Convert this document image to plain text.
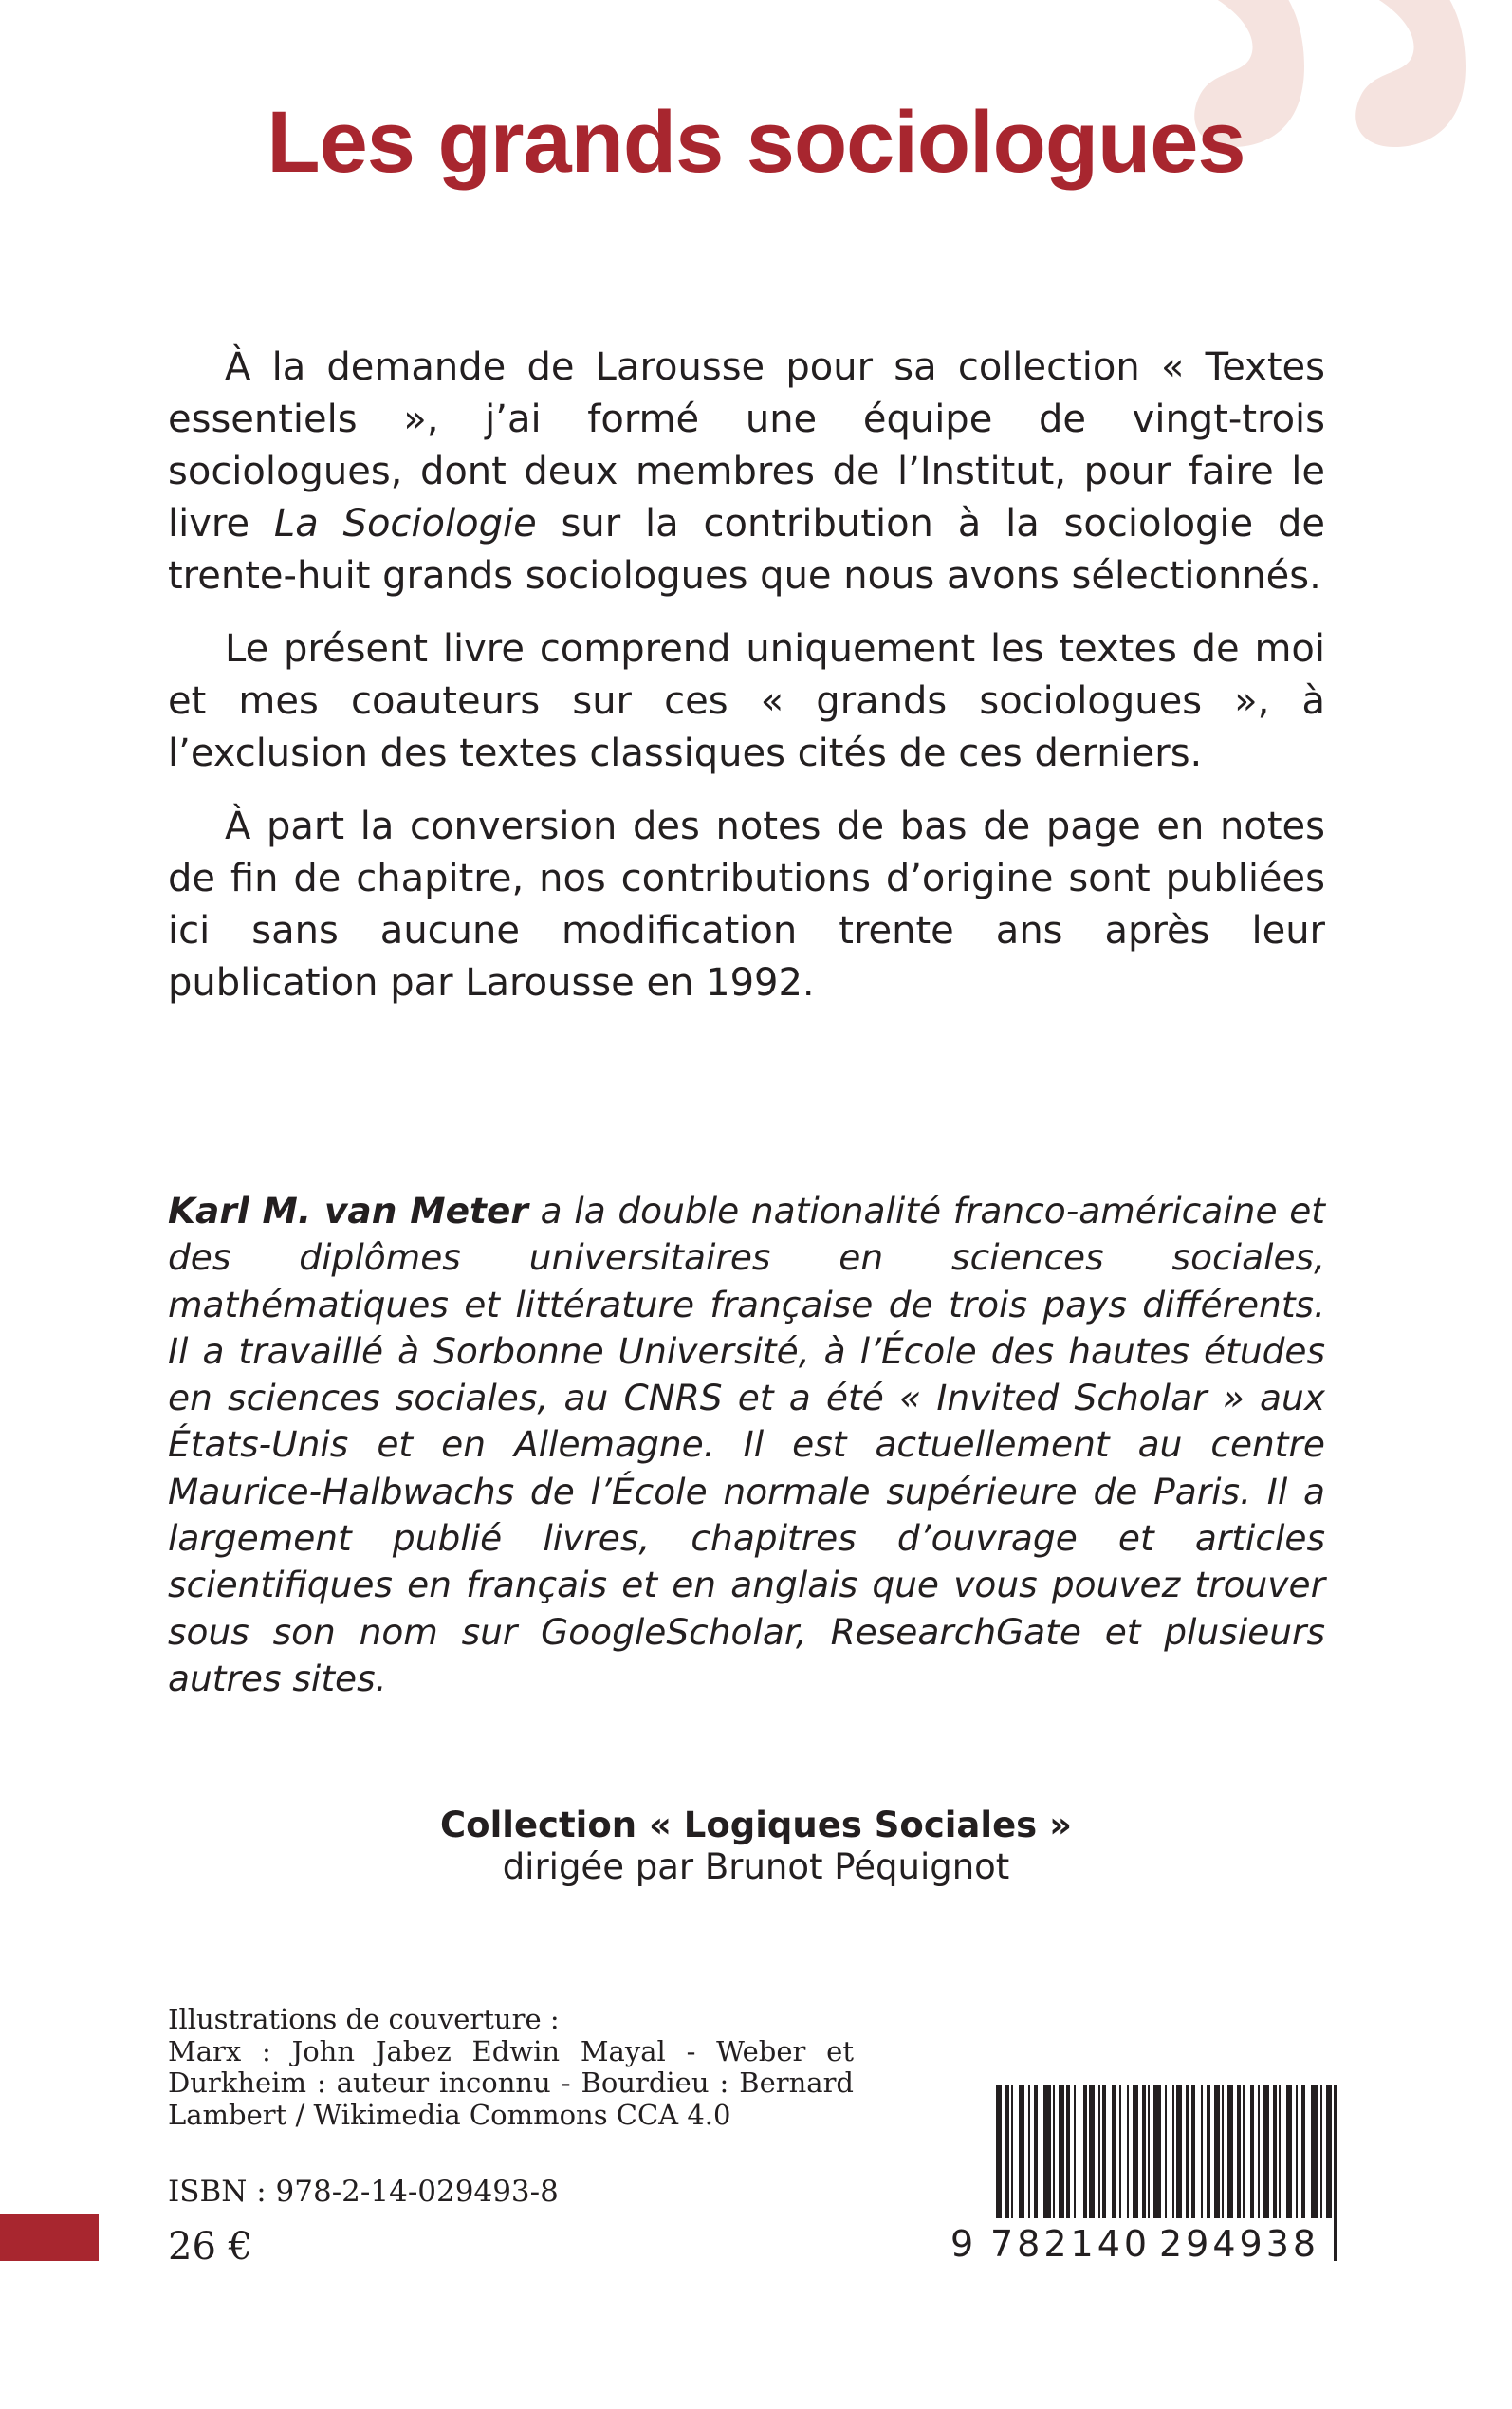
Les grands sociologues

À la demande de Larousse pour sa collection « Textes essentiels », j’ai formé une équipe de vingt-trois sociologues, dont deux membres de l’Institut, pour faire le livre La Sociologie sur la contribution à la sociologie de trente-huit grands sociologues que nous avons sélectionnés.

Le présent livre comprend uniquement les textes de moi et mes coauteurs sur ces « grands sociologues », à l’exclusion des textes classiques cités de ces derniers.

À part la conversion des notes de bas de page en notes de fin de chapitre, nos contributions d’origine sont publiées ici sans aucune modification trente ans après leur publication par Larousse en 1992.

Karl M. van Meter a la double nationalité franco-américaine et des diplômes universitaires en sciences sociales, mathématiques et littérature française de trois pays différents. Il a travaillé à Sorbonne Université, à l’École des hautes études en sciences sociales, au CNRS et a été « Invited Scholar » aux États-Unis et en Allemagne. Il est actuellement au centre Maurice-Halbwachs de l’École normale supérieure de Paris. Il a largement publié livres, chapitres d’ouvrage et articles scientifiques en français et en anglais que vous pouvez trouver sous son nom sur GoogleScholar, ResearchGate et plusieurs autres sites.
Collection « Logiques Sociales »
dirigée par Brunot Péquignot
Illustrations de couverture :
Marx : John Jabez Edwin Mayal - Weber et Durkheim : auteur inconnu - Bourdieu : Bernard Lambert / Wikimedia Commons CCA 4.0
ISBN : 978-2-14-029493-8
26 €	9 782140 294938
